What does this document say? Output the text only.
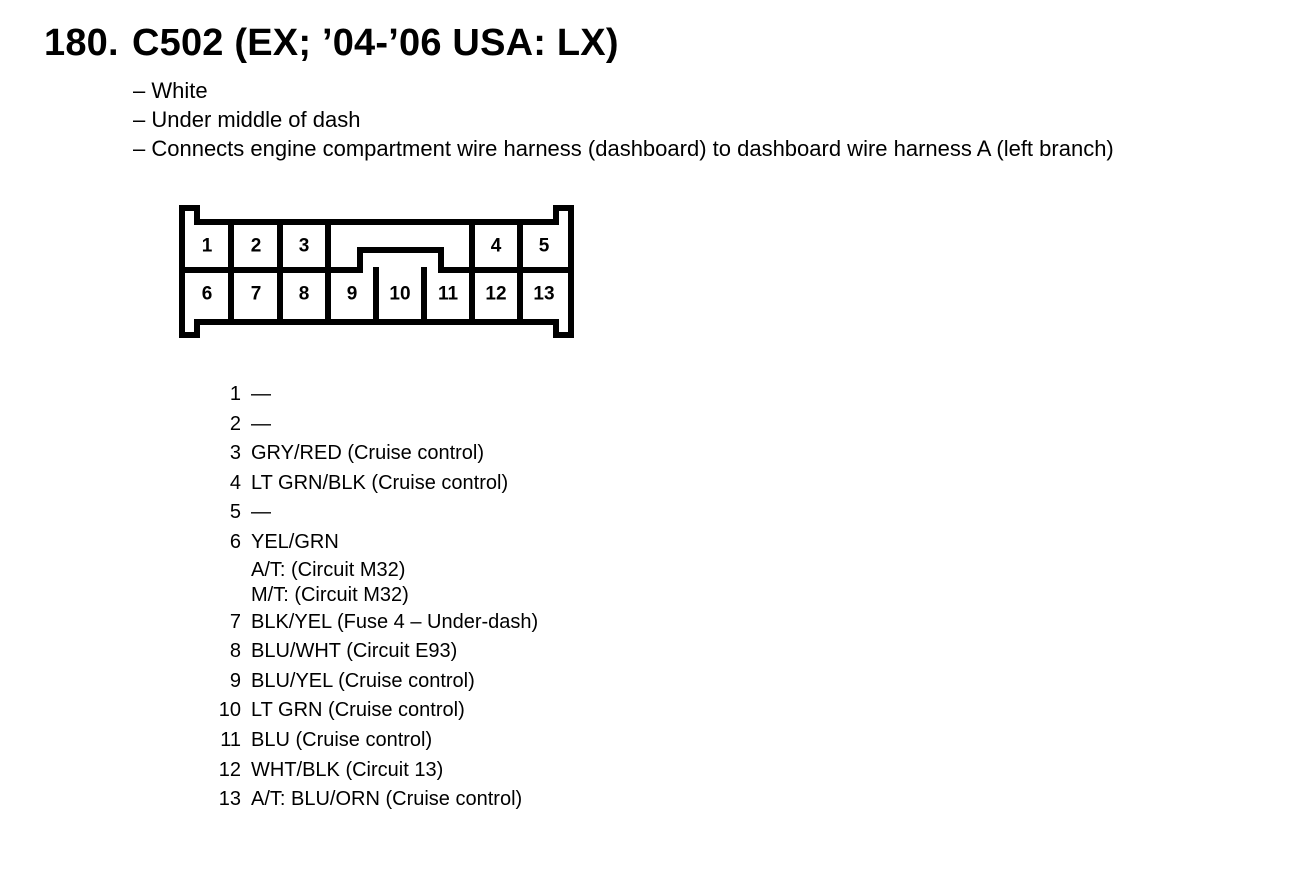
180. C502 (EX; ’04-’06 USA: LX)
– White
– Under middle of dash
– Connects engine compartment wire harness (dashboard) to dashboard wire harness A (left branch)
1 2 3	4 5
6 7 8 9 10 11 12 13
1 —
2 —
3 GRY/RED (Cruise control)
4 LT GRN/BLK (Cruise control)
5 —
6 YEL/GRN
A/T: (Circuit M32)
M/T: (Circuit M32)
7 BLK/YEL (Fuse 4 – Under-dash)
8 BLU/WHT (Circuit E93)
9 BLU/YEL (Cruise control)
10 LT GRN (Cruise control)
11 BLU (Cruise control)
12 WHT/BLK (Circuit 13)
13 A/T: BLU/ORN (Cruise control)
